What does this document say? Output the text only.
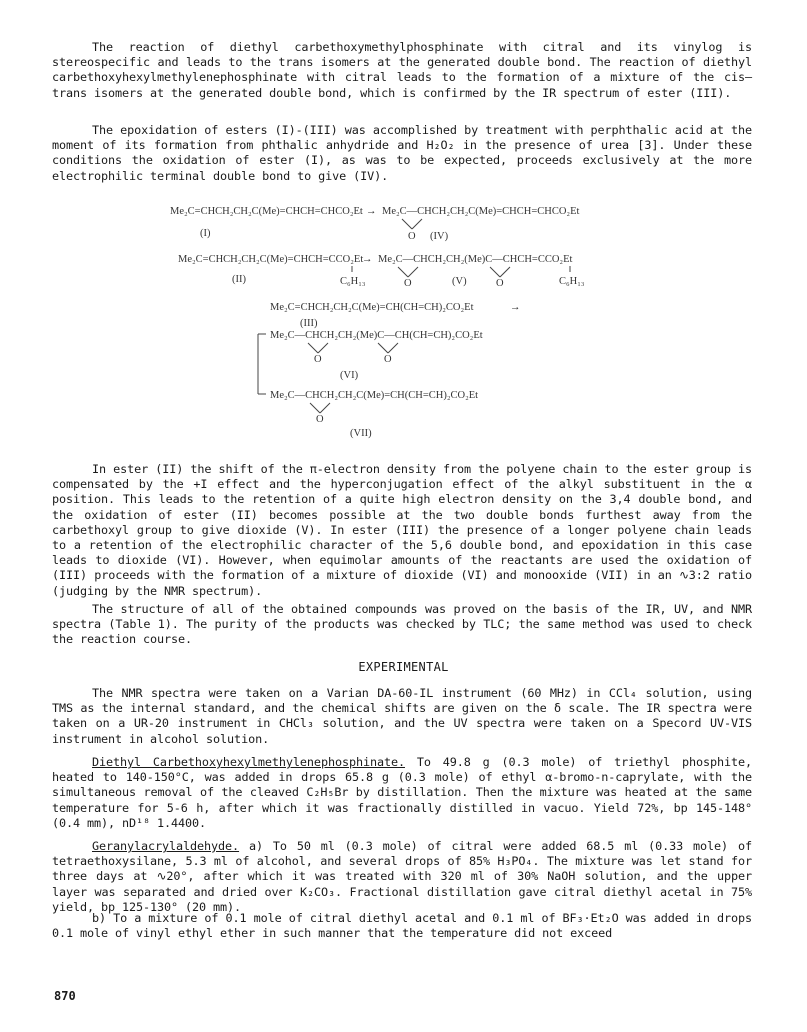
The reaction of diethyl carbethoxymethylphosphinate with citral and its vinylog is stereospecific and leads to the trans isomers at the generated double bond. The reaction of diethyl carbethoxyhexylmethylenephosphinate with citral leads to the formation of a mixture of the cis–trans isomers at the generated double bond, which is confirmed by the IR spectrum of ester (III).

The epoxidation of esters (I)-(III) was accomplished by treatment with perphthalic acid at the moment of its formation from phthalic anhydride and H₂O₂ in the presence of urea [3]. Under these conditions the oxidation of ester (I), as was to be expected, proceeds exclusively at the more electrophilic terminal double bond to give (IV).

Me₂C=CHCH₂CH₂C(Me)=CHCH=CHCO₂Et → Me₂C—CHCH₂CH₂C(Me)=CHCH=CHCO₂Et
(I)	O (IV)
Me₂C=CHCH₂CH₂C(Me)=CHCH=CCO₂Et
→ Me₂C—CHCH₂CH₂(Me)C—CHCH=CCO₂Et
C₆H₁₃	C₆H₁₃
(II)	O	(V)	O
Me₂C=CHCH₂CH₂C(Me)=CH(CH=CH)₂CO₂Et	→
(III)
Me₂C—CHCH₂CH₂(Me)C—CH(CH=CH)₂CO₂Et
O	O
(VI)
Me₂C—CHCH₂CH₂C(Me)=CH(CH=CH)₂CO₂Et
O
(VII)

In ester (II) the shift of the π-electron density from the polyene chain to the ester group is compensated by the +I effect and the hyperconjugation effect of the alkyl substituent in the α position. This leads to the retention of a quite high electron density on the 3,4 double bond, and the oxidation of ester (II) becomes possible at the two double bonds furthest away from the carbethoxyl group to give dioxide (V). In ester (III) the presence of a longer polyene chain leads to a retention of the electrophilic character of the 5,6 double bond, and epoxidation in this case leads to dioxide (VI). However, when equimolar amounts of the reactants are used the oxidation of (III) proceeds with the formation of a mixture of dioxide (VI) and monooxide (VII) in an ∿3:2 ratio (judging by the NMR spectrum).

The structure of all of the obtained compounds was proved on the basis of the IR, UV, and NMR spectra (Table 1). The purity of the products was checked by TLC; the same method was used to check the reaction course.

EXPERIMENTAL

The NMR spectra were taken on a Varian DA-60-IL instrument (60 MHz) in CCl₄ solution, using TMS as the internal standard, and the chemical shifts are given on the δ scale. The IR spectra were taken on a UR-20 instrument in CHCl₃ solution, and the UV spectra were taken on a Specord UV-VIS instrument in alcohol solution.

Diethyl Carbethoxyhexylmethylenephosphinate. To 49.8 g (0.3 mole) of triethyl phosphite, heated to 140-150°C, was added in drops 65.8 g (0.3 mole) of ethyl α-bromo-n-caprylate, with the simultaneous removal of the cleaved C₂H₅Br by distillation. Then the mixture was heated at the same temperature for 5-6 h, after which it was fractionally distilled in vacuo. Yield 72%, bp 145-148° (0.4 mm), nD¹⁸ 1.4400.

Geranylacrylaldehyde. a) To 50 ml (0.3 mole) of citral were added 68.5 ml (0.33 mole) of tetraethoxysilane, 5.3 ml of alcohol, and several drops of 85% H₃PO₄. The mixture was let stand for three days at ∿20°, after which it was treated with 320 ml of 30% NaOH solution, and the upper layer was separated and dried over K₂CO₃. Fractional distillation gave citral diethyl acetal in 75% yield, bp 125-130° (20 mm).

b) To a mixture of 0.1 mole of citral diethyl acetal and 0.1 ml of BF₃·Et₂O was added in drops 0.1 mole of vinyl ethyl ether in such manner that the temperature did not exceed

870
